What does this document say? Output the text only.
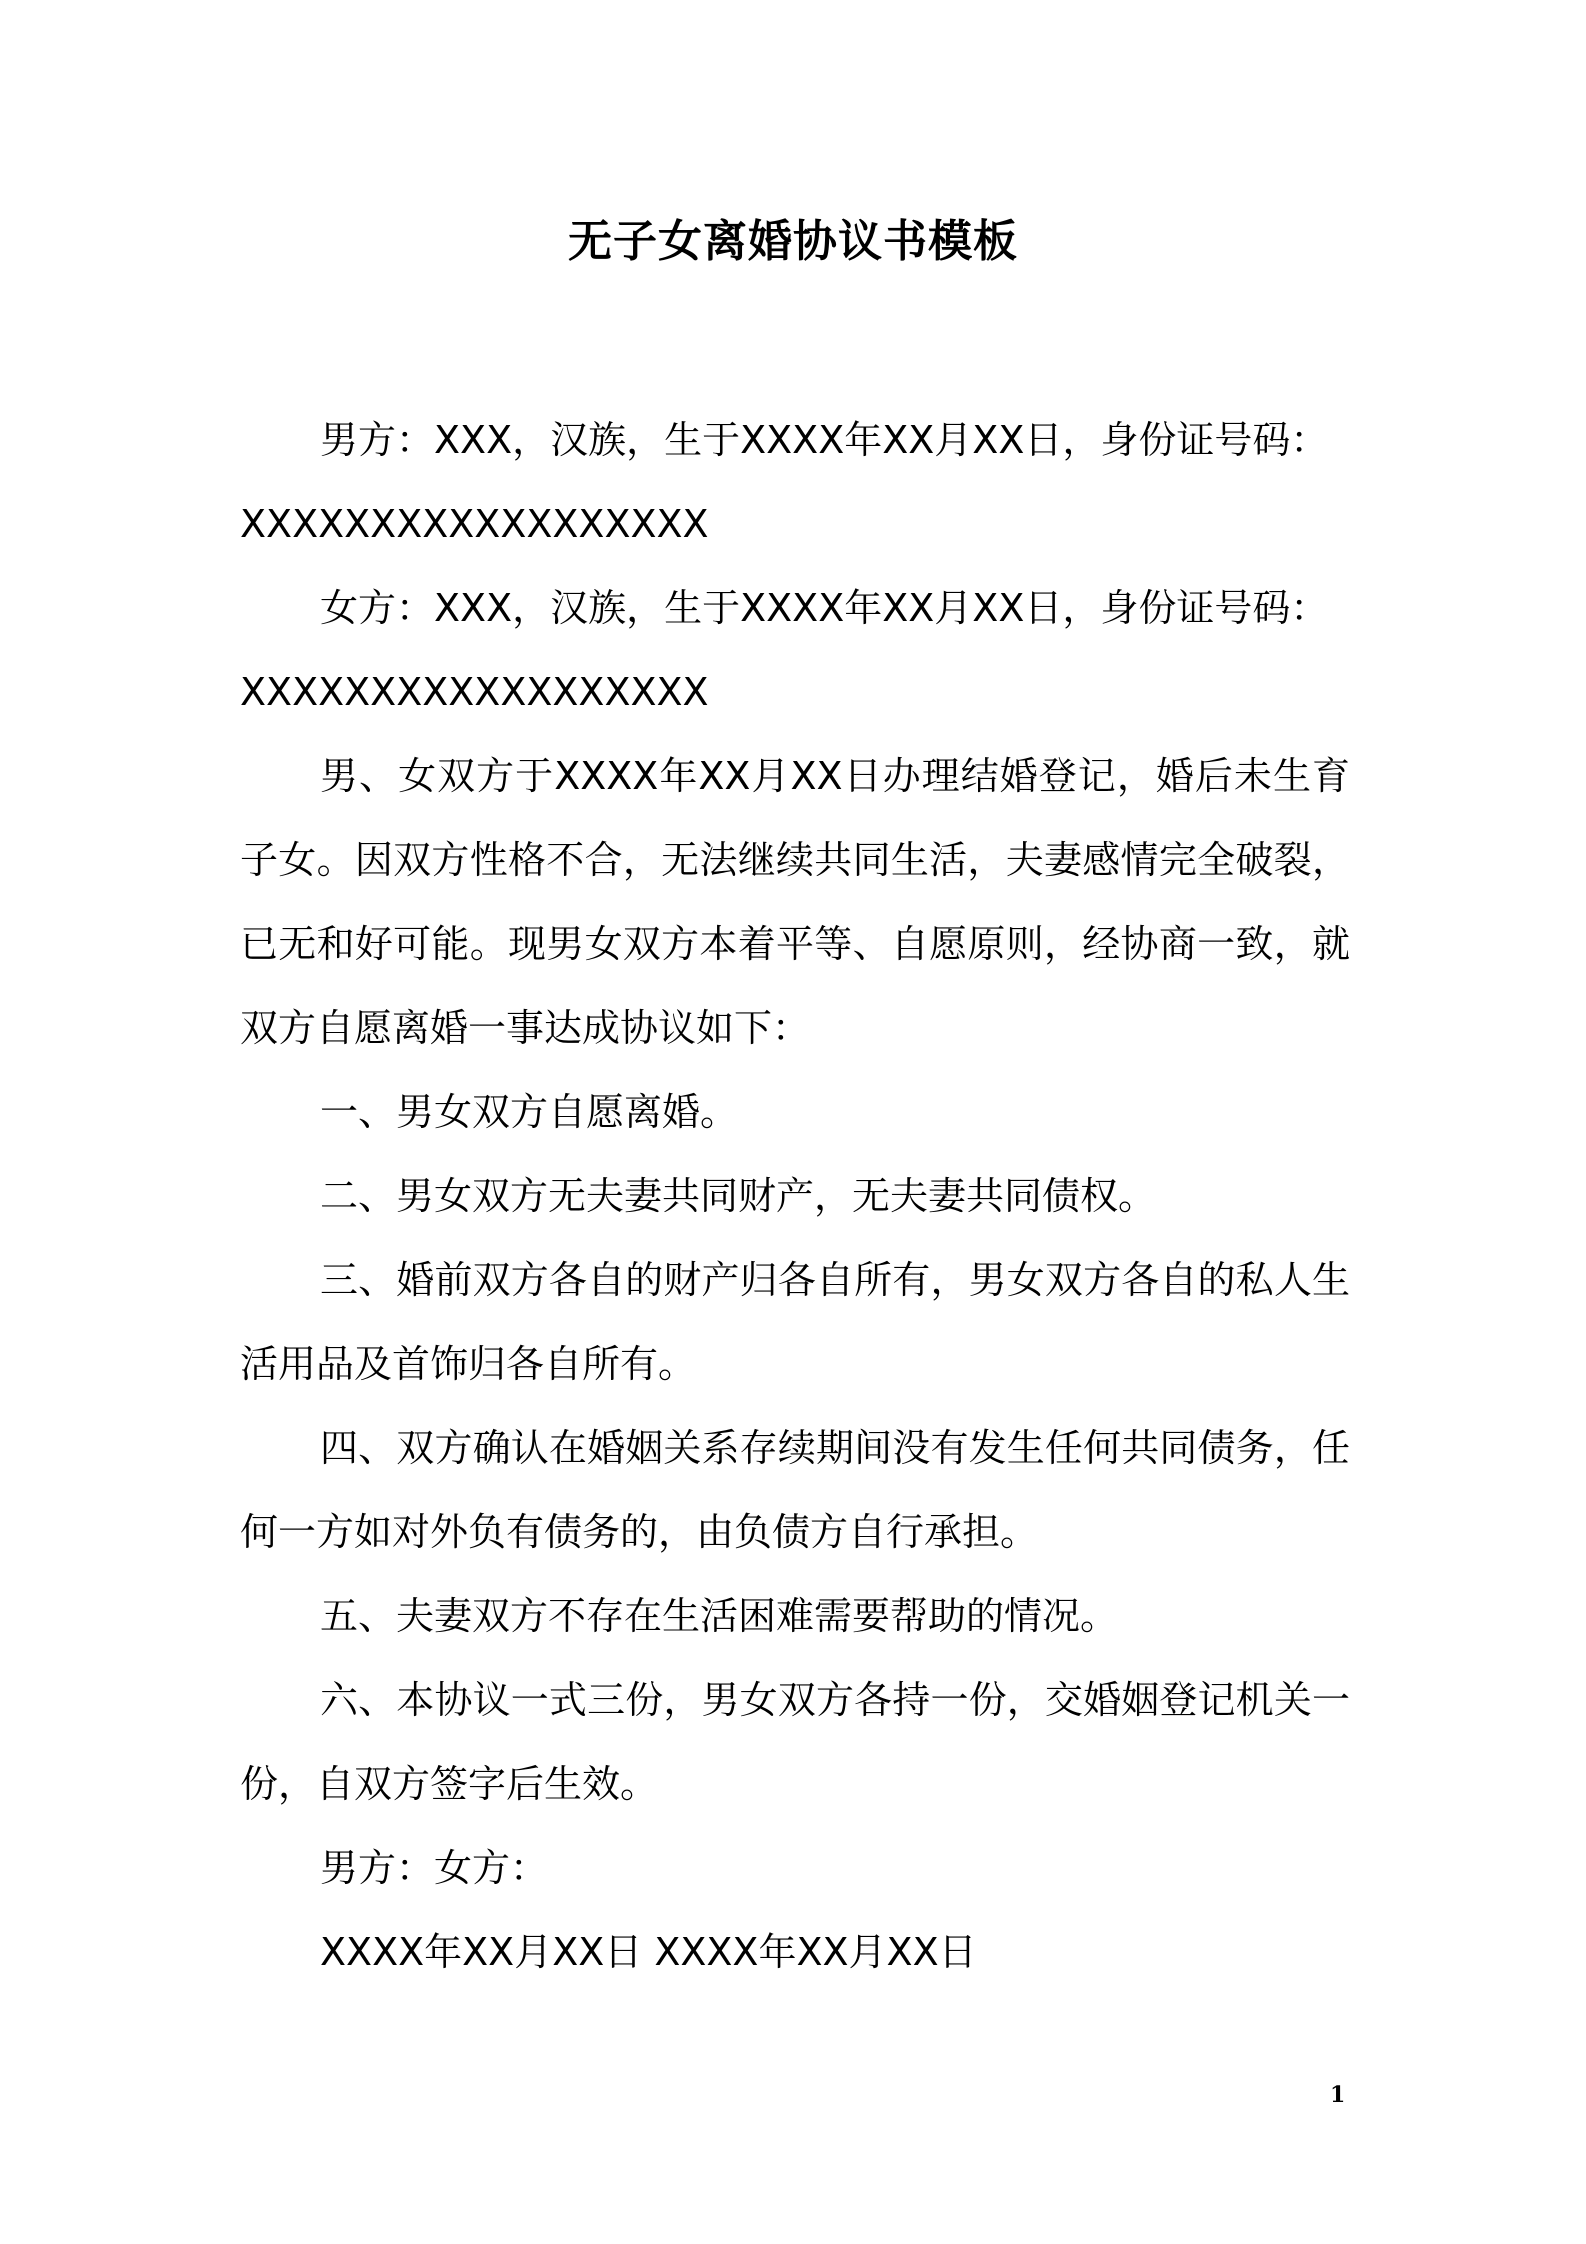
无子女离婚协议书模板
男方：XXX，汉族，生于XXXX年XX月XX日，身份证号码：
XXXXXXXXXXXXXXXXXX
女方：XXX，汉族，生于XXXX年XX月XX日，身份证号码：
XXXXXXXXXXXXXXXXXX

男、女双方于XXXX年XX月XX日办理结婚登记，婚后未生育子女。因双方性格不合，无法继续共同生活，夫妻感情完全破裂，已无和好可能。现男女双方本着平等、自愿原则，经协商一致，就双方自愿离婚一事达成协议如下：

一、男女双方自愿离婚。

二、男女双方无夫妻共同财产，无夫妻共同债权。

三、婚前双方各自的财产归各自所有，男女双方各自的私人生活用品及首饰归各自所有。

四、双方确认在婚姻关系存续期间没有发生任何共同债务，任何一方如对外负有债务的，由负债方自行承担。

五、夫妻双方不存在生活困难需要帮助的情况。

六、本协议一式三份，男女双方各持一份，交婚姻登记机关一份，自双方签字后生效。

男方：女方：
XXXX年XX月XX日 XXXX年XX月XX日
1
